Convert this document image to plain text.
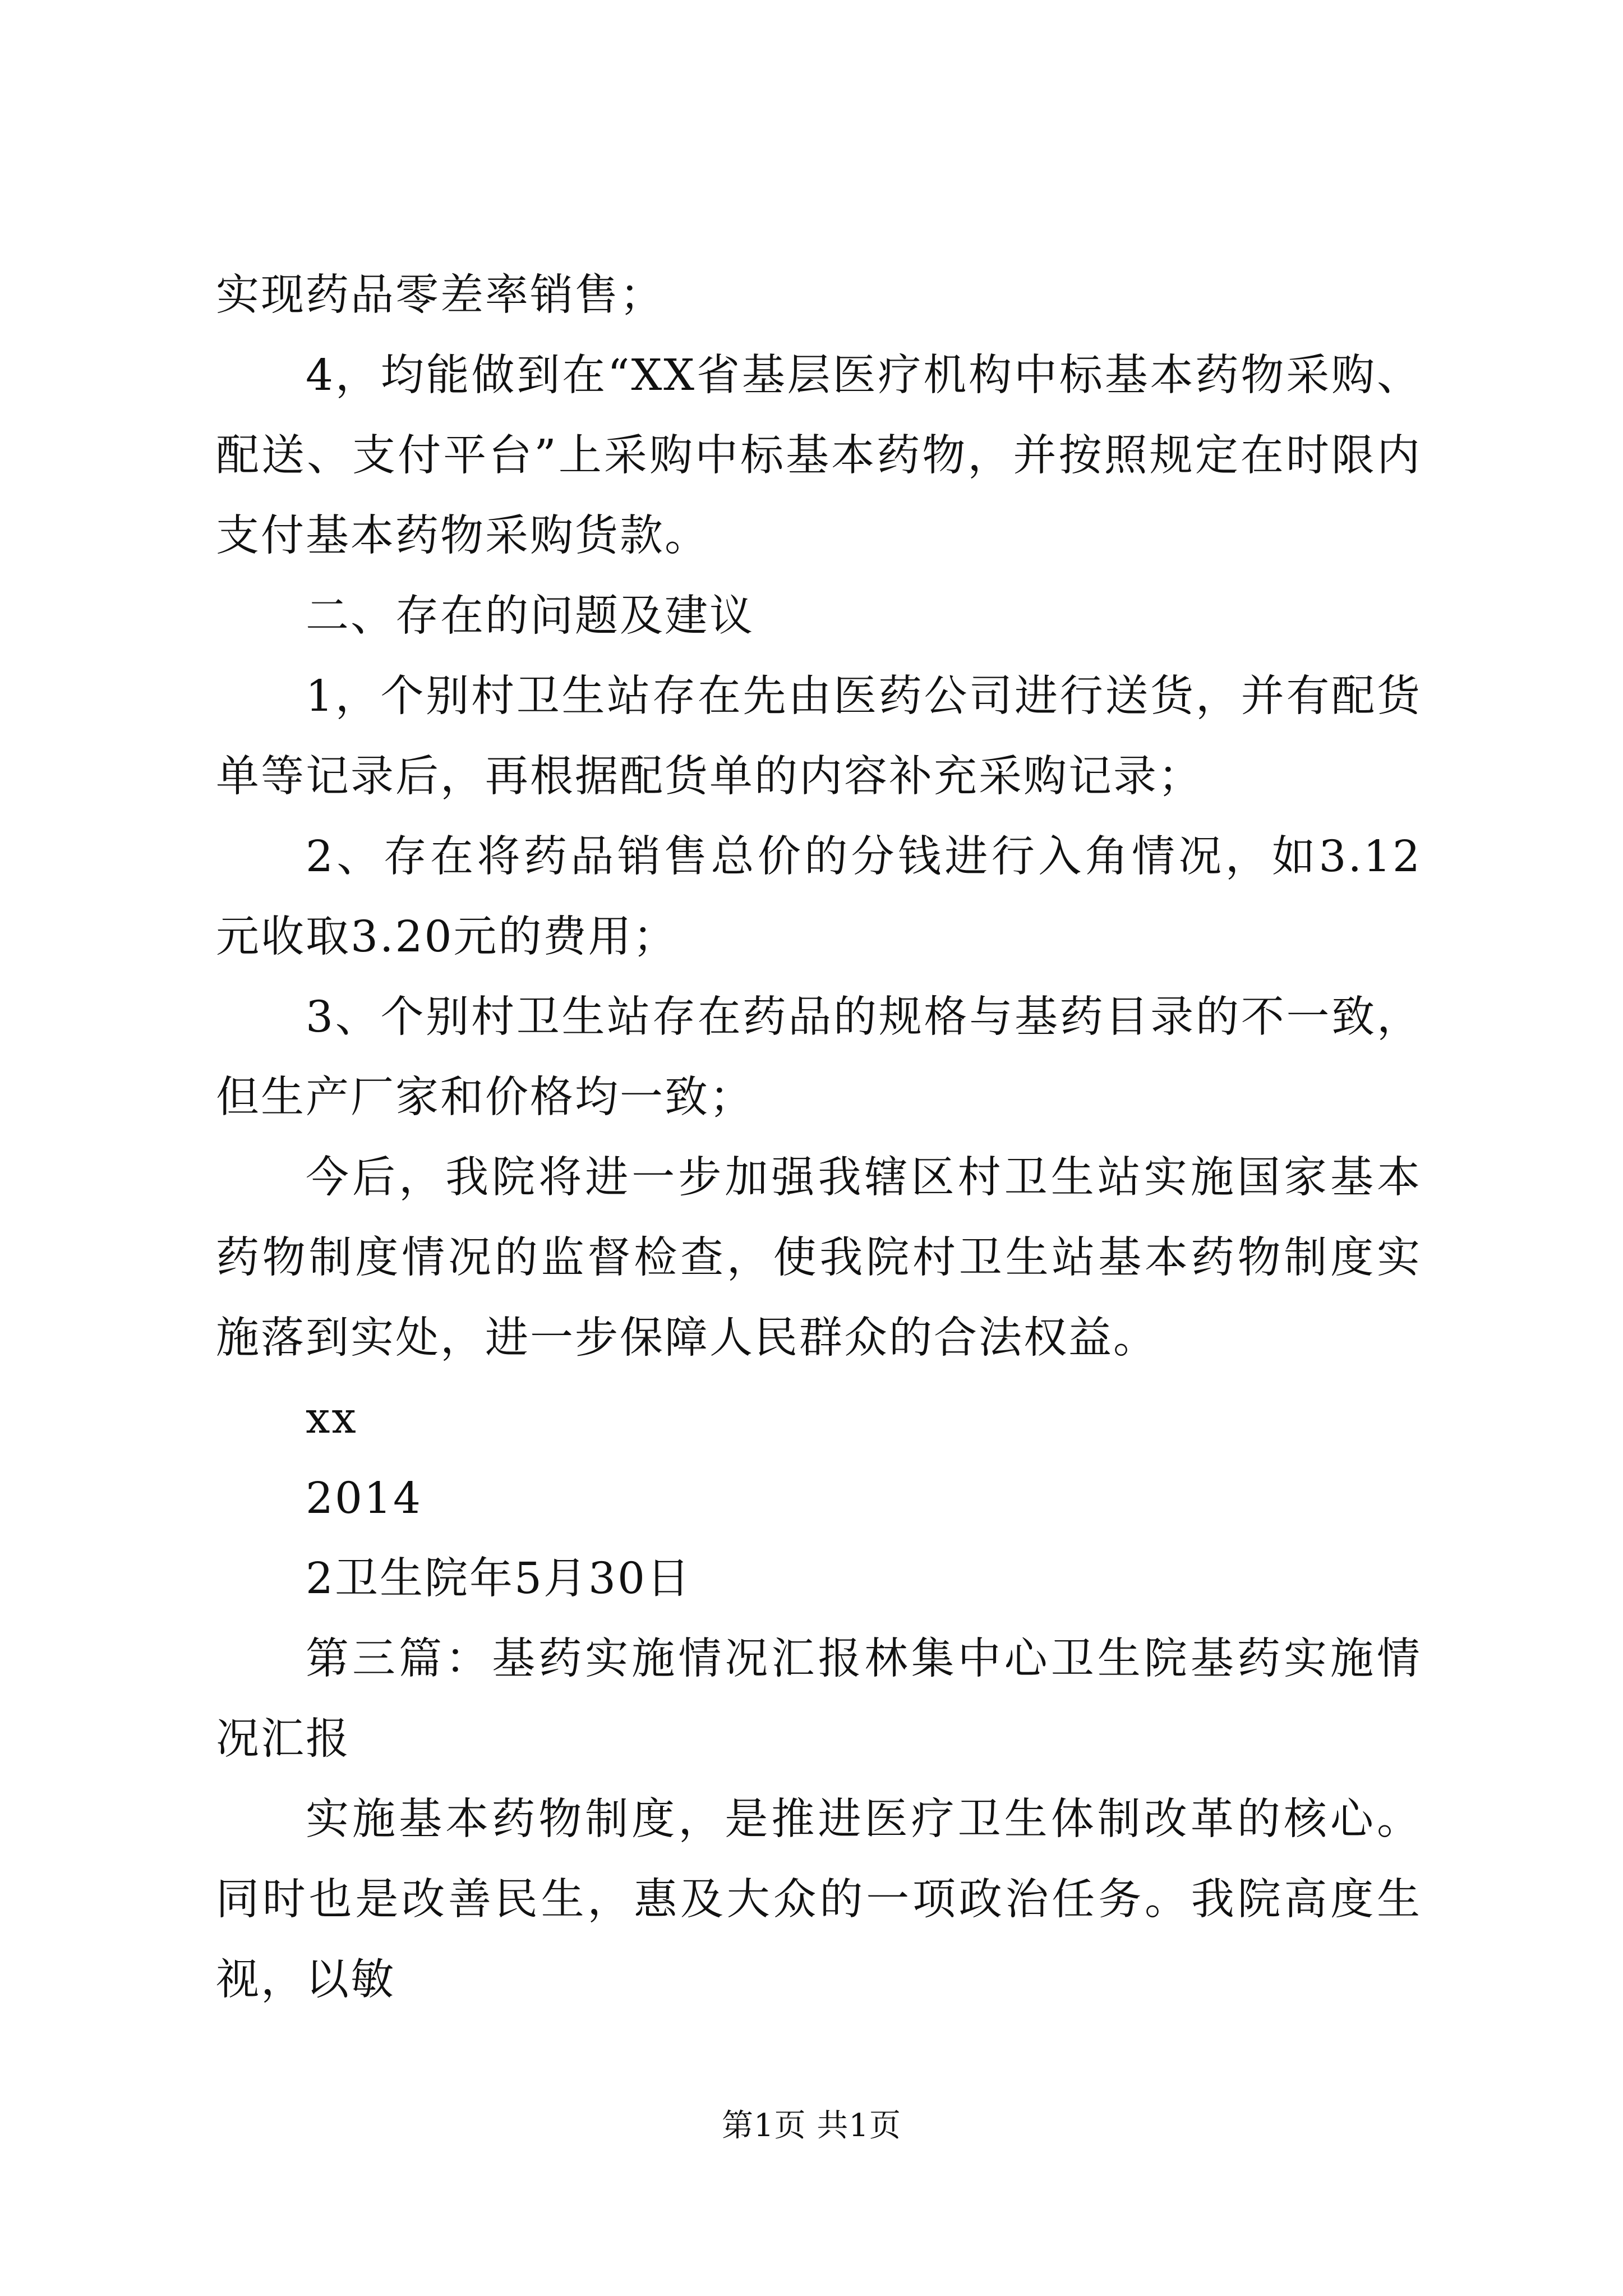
实现药品零差率销售；

4，均能做到在“XX省基层医疗机构中标基本药物采购、配送、支付平台”上采购中标基本药物，并按照规定在时限内支付基本药物采购货款。

二、存在的问题及建议

1，个别村卫生站存在先由医药公司进行送货，并有配货单等记录后，再根据配货单的内容补充采购记录；

2、存在将药品销售总价的分钱进行入角情况，如3.12元收取3.20元的费用；

3、个别村卫生站存在药品的规格与基药目录的不一致，但生产厂家和价格均一致；

今后，我院将进一步加强我辖区村卫生站实施国家基本药物制度情况的监督检查，使我院村卫生站基本药物制度实施落到实处，进一步保障人民群众的合法权益。

xx

2014

2卫生院年5月30日

第三篇：基药实施情况汇报林集中心卫生院基药实施情况汇报

实施基本药物制度，是推进医疗卫生体制改革的核心。同时也是改善民生，惠及大众的一项政治任务。我院高度生视，以敏

第1页 共1页
